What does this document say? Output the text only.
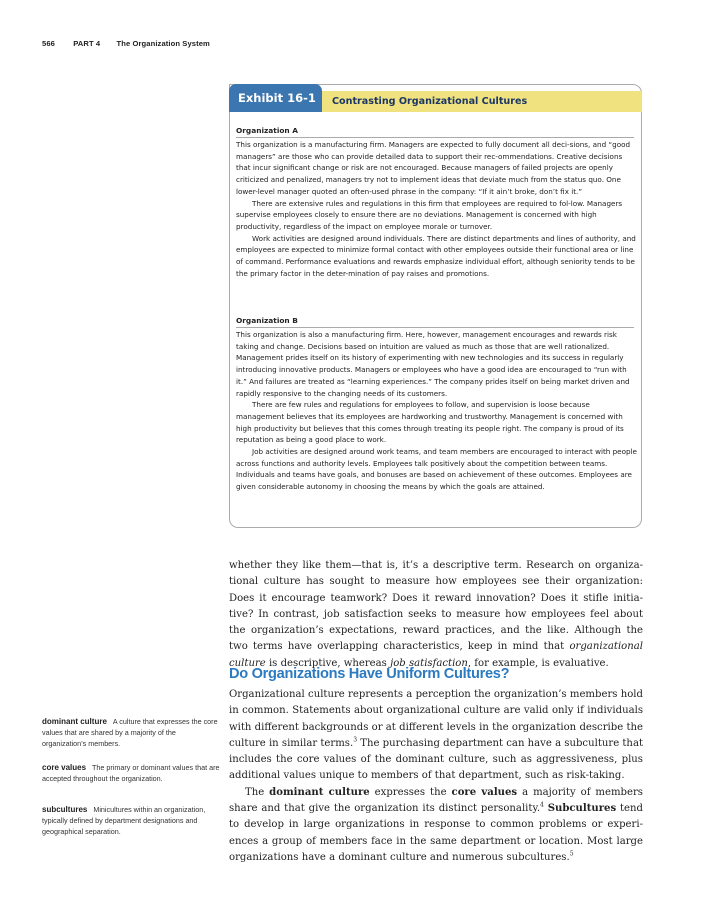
566 PART 4 The Organization System
Exhibit 16-1	Contrasting Organizational Cultures
Organization A

This organization is a manufacturing firm. Managers are expected to fully document all deci-sions, and “good managers” are those who can provide detailed data to support their rec-ommendations. Creative decisions that incur significant change or risk are not encouraged. Because managers of failed projects are openly criticized and penalized, managers try not to implement ideas that deviate much from the status quo. One lower-level manager quoted an often-used phrase in the company: “If it ain’t broke, don’t fix it.”

There are extensive rules and regulations in this firm that employees are required to fol-low. Managers supervise employees closely to ensure there are no deviations. Management is concerned with high productivity, regardless of the impact on employee morale or turnover.

Work activities are designed around individuals. There are distinct departments and lines of authority, and employees are expected to minimize formal contact with other employees outside their functional area or line of command. Performance evaluations and rewards emphasize individual effort, although seniority tends to be the primary factor in the deter-mination of pay raises and promotions.

Organization B

This organization is also a manufacturing firm. Here, however, management encourages and rewards risk taking and change. Decisions based on intuition are valued as much as those that are well rationalized. Management prides itself on its history of experimenting with new technologies and its success in regularly introducing innovative products. Managers or employees who have a good idea are encouraged to “run with it.” And failures are treated as “learning experiences.” The company prides itself on being market driven and rapidly responsive to the changing needs of its customers.

There are few rules and regulations for employees to follow, and supervision is loose because management believes that its employees are hardworking and trustworthy. Management is concerned with high productivity but believes that this comes through treating its people right. The company is proud of its reputation as being a good place to work.

Job activities are designed around work teams, and team members are encouraged to interact with people across functions and authority levels. Employees talk positively about the competition between teams. Individuals and teams have goals, and bonuses are based on achievement of these outcomes. Employees are given considerable autonomy in choosing the means by which the goals are attained.

whether they like them—that is, it’s a descriptive term. Research on organiza-tional culture has sought to measure how employees see their organization: Does it encourage teamwork? Does it reward innovation? Does it stifle initia-tive? In contrast, job satisfaction seeks to measure how employees feel about the organization’s expectations, reward practices, and the like. Although the two terms have overlapping characteristics, keep in mind that organizational culture is descriptive, whereas job satisfaction, for example, is evaluative.

Do Organizations Have Uniform Cultures?

Organizational culture represents a perception the organization’s members hold in common. Statements about organizational culture are valid only if individuals with different backgrounds or at different levels in the organization describe the culture in similar terms.$^3$ The purchasing department can have a subculture that includes the core values of the dominant culture, such as aggressiveness, plus additional values unique to members of that department, such as risk-taking.

The dominant culture expresses the core values a majority of members share and that give the organization its distinct personality.$^4$ Subcultures tend to develop in large organizations in response to common problems or experi-ences a group of members face in the same department or location. Most large organizations have a dominant culture and numerous subcultures.$^5$

dominant culture A culture that expresses the core values that are shared by a majority of the organization’s members.

core values The primary or dominant values that are accepted throughout the organization.

subcultures Minicultures within an organization, typically defined by department designations and geographical separation.
